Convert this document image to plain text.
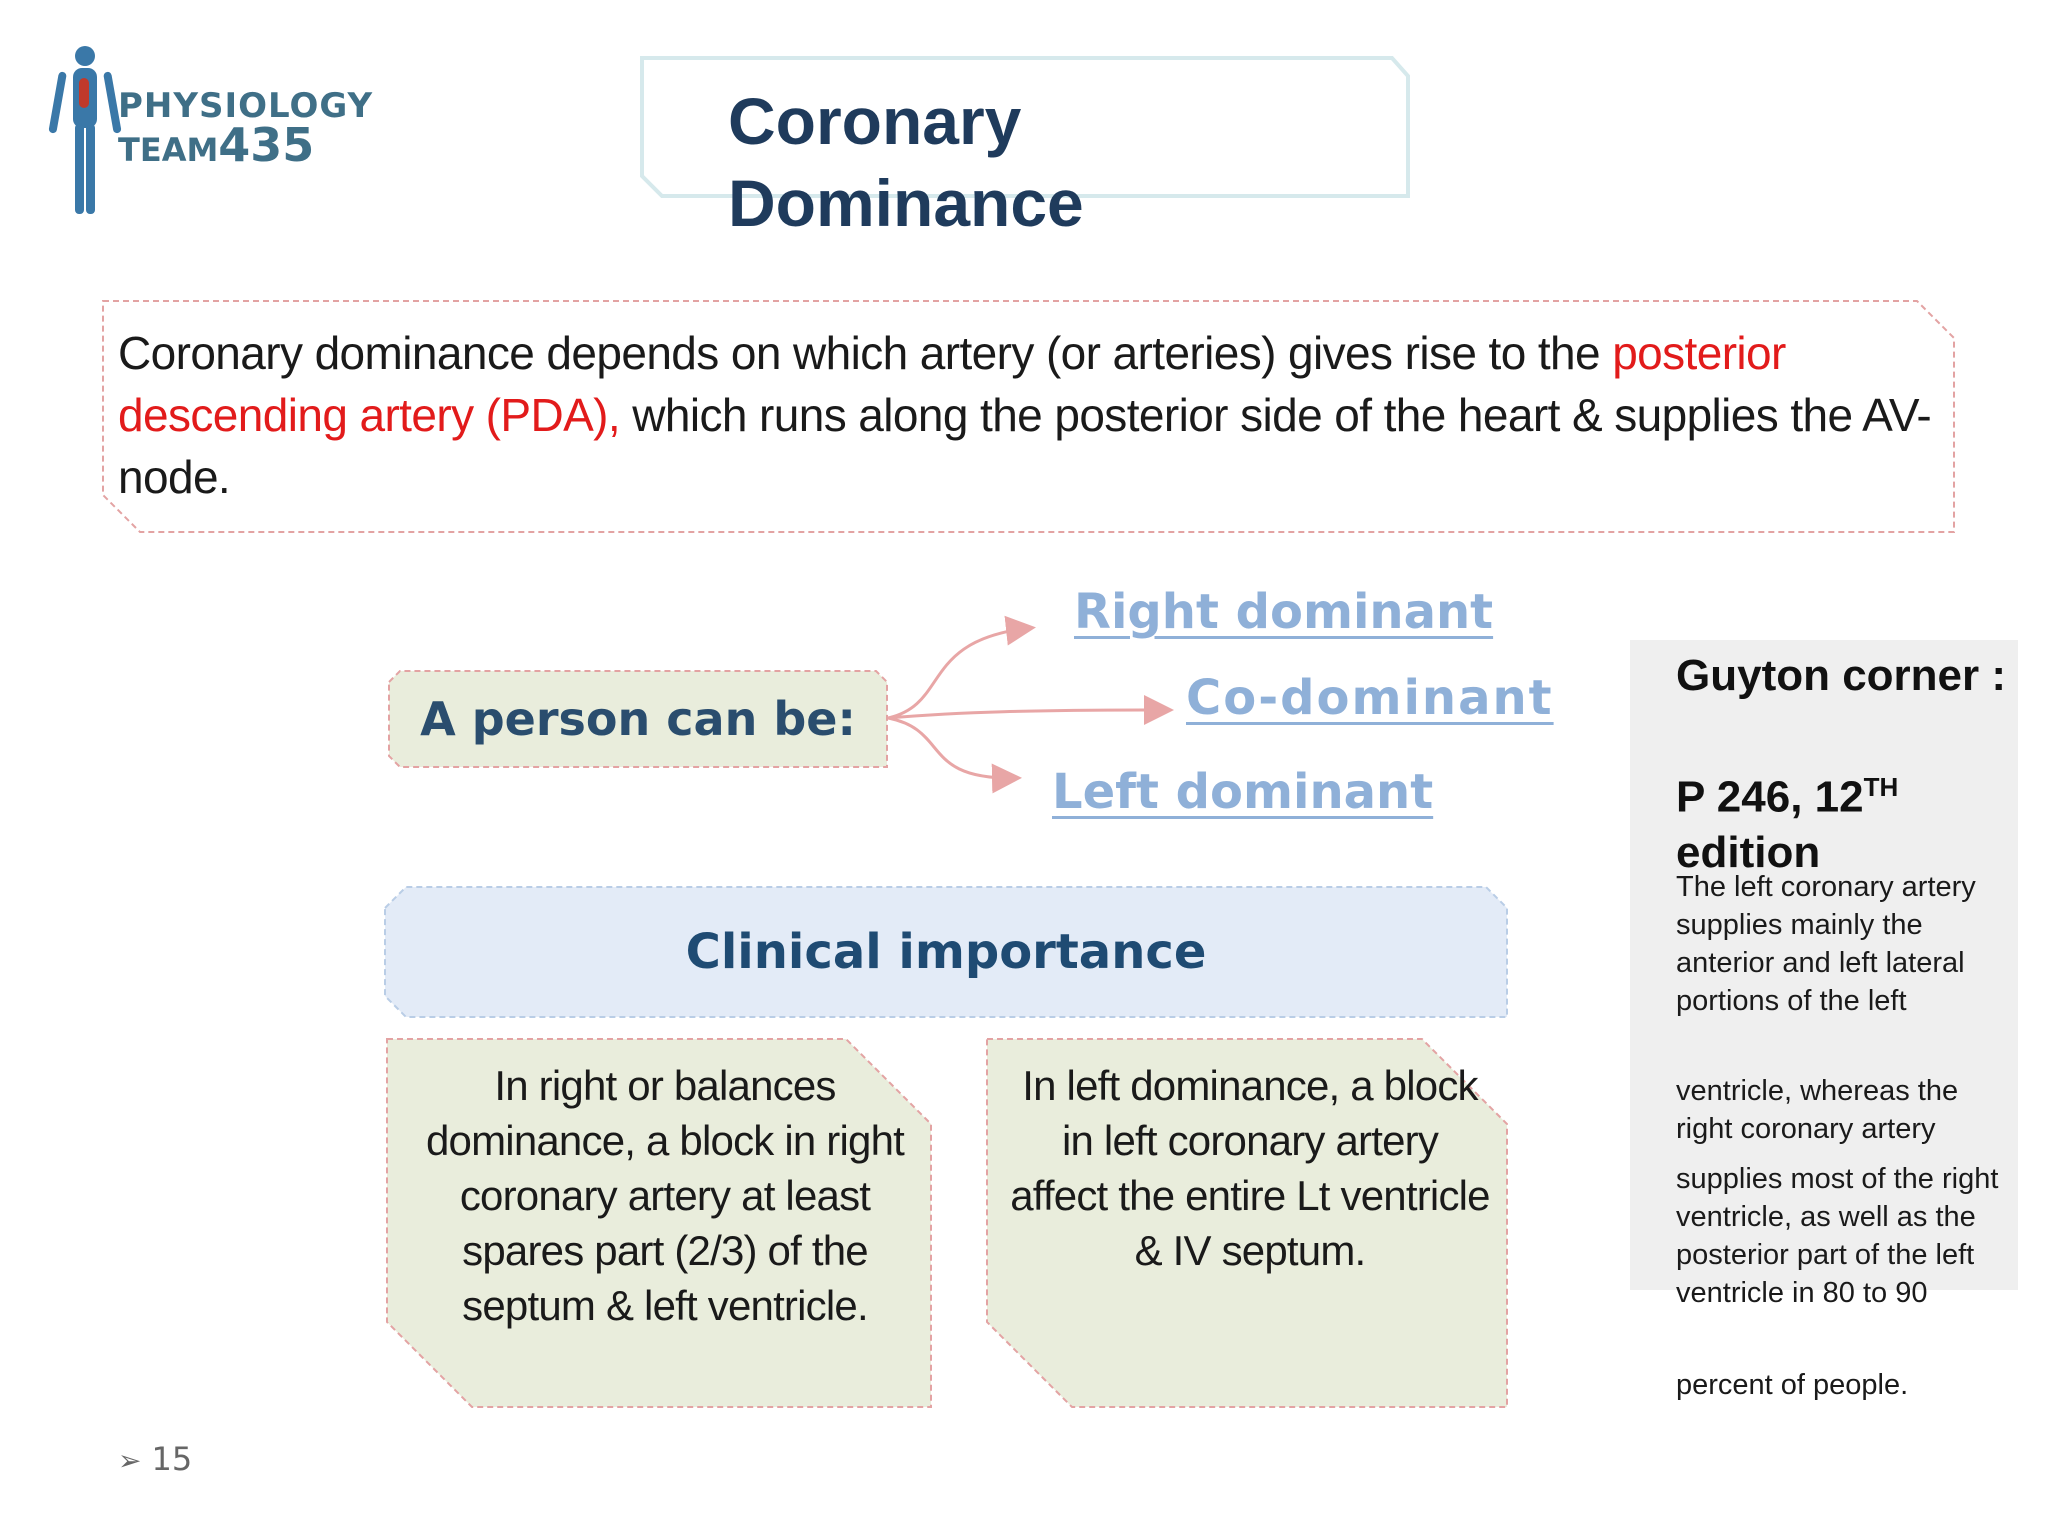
PHYSIOLOGY
TEAM435	Coronary
Dominance

Coronary dominance depends on which artery (or arteries) gives rise to the posterior descending artery (PDA), which runs along the posterior side of the heart & supplies the AV- node.

A person can be:
Right dominant
Co-dominant
Left dominant
Clinical importance

In right or balances dominance, a block in right coronary artery at least spares part (2/3) of the septum & left ventricle.

In left dominance, a block in left coronary artery affect the entire Lt ventricle & IV septum.

Guyton corner :

P 246, 12TH
edition

The left coronary artery supplies mainly the anterior and left lateral portions of the left

ventricle, whereas the right coronary artery

supplies most of the right ventricle, as well as the posterior part of the left ventricle in 80 to 90

percent of people.

➢ 15
